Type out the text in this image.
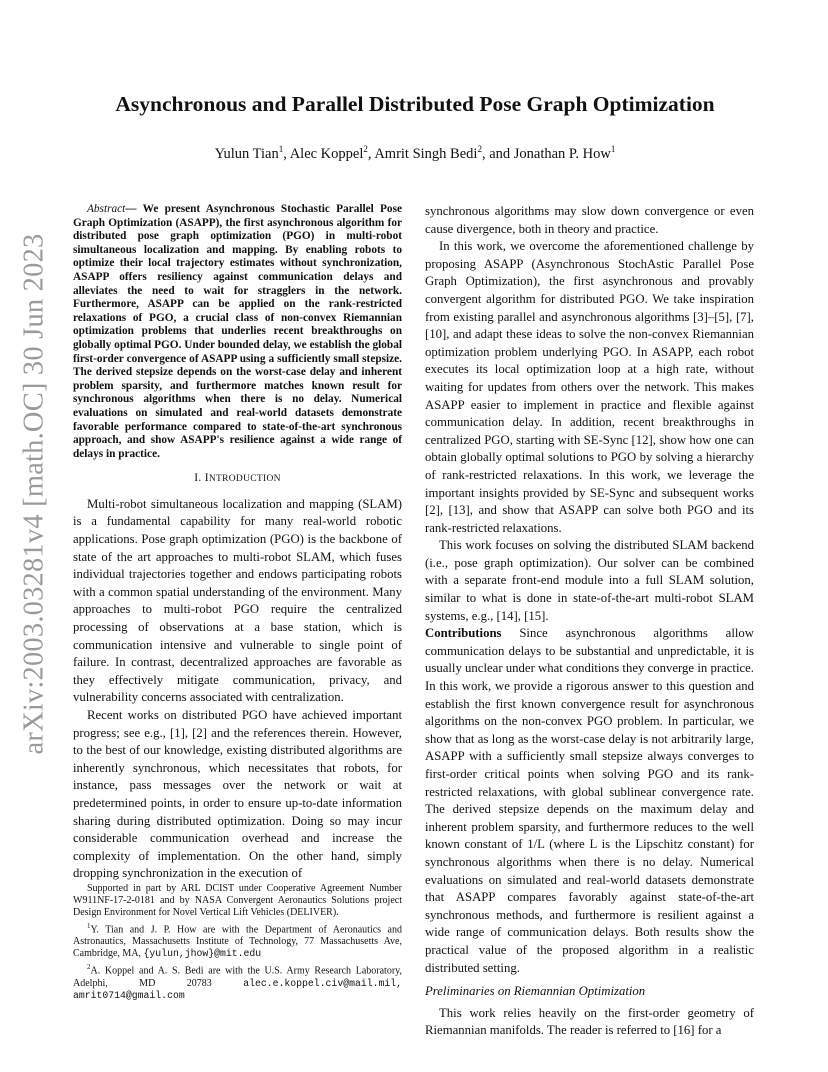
arXiv:2003.03281v4 [math.OC] 30 Jun 2023
Asynchronous and Parallel Distributed Pose Graph Optimization
Yulun Tian$^1$, Alec Koppel$^2$, Amrit Singh Bedi$^2$, and Jonathan P. How$^1$

Abstract— We present Asynchronous Stochastic Parallel Pose Graph Optimization (ASAPP), the first asynchronous algorithm for distributed pose graph optimization (PGO) in multi-robot simultaneous localization and mapping. By enabling robots to optimize their local trajectory estimates without synchronization, ASAPP offers resiliency against communication delays and alleviates the need to wait for stragglers in the network. Furthermore, ASAPP can be applied on the rank-restricted relaxations of PGO, a crucial class of non-convex Riemannian optimization problems that underlies recent breakthroughs on globally optimal PGO. Under bounded delay, we establish the global first-order convergence of ASAPP using a sufficiently small stepsize. The derived stepsize depends on the worst-case delay and inherent problem sparsity, and furthermore matches known result for synchronous algorithms when there is no delay. Numerical evaluations on simulated and real-world datasets demonstrate favorable performance compared to state-of-the-art synchronous approach, and show ASAPP's resilience against a wide range of delays in practice.

I. INTRODUCTION

Multi-robot simultaneous localization and mapping (SLAM) is a fundamental capability for many real-world robotic applications. Pose graph optimization (PGO) is the backbone of state of the art approaches to multi-robot SLAM, which fuses individual trajectories together and endows participating robots with a common spatial understanding of the environment. Many approaches to multi-robot PGO require the centralized processing of observations at a base station, which is communication intensive and vulnerable to single point of failure. In contrast, decentralized approaches are favorable as they effectively mitigate communication, privacy, and vulnerability concerns associated with centralization.

Recent works on distributed PGO have achieved important progress; see e.g., [1], [2] and the references therein. However, to the best of our knowledge, existing distributed algorithms are inherently synchronous, which necessitates that robots, for instance, pass messages over the network or wait at predetermined points, in order to ensure up-to-date information sharing during distributed optimization. Doing so may incur considerable communication overhead and increase the complexity of implementation. On the other hand, simply dropping synchronization in the execution of

Supported in part by ARL DCIST under Cooperative Agreement Number W911NF-17-2-0181 and by NASA Convergent Aeronautics Solutions project Design Environment for Novel Vertical Lift Vehicles (DELIVER).

$^1$Y. Tian and J. P. How are with the Department of Aeronautics and Astronautics, Massachusetts Institute of Technology, 77 Massachusetts Ave, Cambridge, MA, {yulun,jhow}@mit.edu

$^2$A. Koppel and A. S. Bedi are with the U.S. Army Research Laboratory, Adelphi, MD 20783	alec.e.koppel.civ@mail.mil, amrit0714@gmail.com

synchronous algorithms may slow down convergence or even cause divergence, both in theory and practice.

In this work, we overcome the aforementioned challenge by proposing ASAPP (Asynchronous StochAstic Parallel Pose Graph Optimization), the first asynchronous and provably convergent algorithm for distributed PGO. We take inspiration from existing parallel and asynchronous algorithms [3]–[5], [7], [10], and adapt these ideas to solve the non-convex Riemannian optimization problem underlying PGO. In ASAPP, each robot executes its local optimization loop at a high rate, without waiting for updates from others over the network. This makes ASAPP easier to implement in practice and flexible against communication delay. In addition, recent breakthroughs in centralized PGO, starting with SE-Sync [12], show how one can obtain globally optimal solutions to PGO by solving a hierarchy of rank-restricted relaxations. In this work, we leverage the important insights provided by SE-Sync and subsequent works [2], [13], and show that ASAPP can solve both PGO and its rank-restricted relaxations.

This work focuses on solving the distributed SLAM backend (i.e., pose graph optimization). Our solver can be combined with a separate front-end module into a full SLAM solution, similar to what is done in state-of-the-art multi-robot SLAM systems, e.g., [14], [15].

Contributions Since asynchronous algorithms allow communication delays to be substantial and unpredictable, it is usually unclear under what conditions they converge in practice. In this work, we provide a rigorous answer to this question and establish the first known convergence result for asynchronous algorithms on the non-convex PGO problem. In particular, we show that as long as the worst-case delay is not arbitrarily large, ASAPP with a sufficiently small stepsize always converges to first-order critical points when solving PGO and its rank-restricted relaxations, with global sublinear convergence rate. The derived stepsize depends on the maximum delay and inherent problem sparsity, and furthermore reduces to the well known constant of 1/L (where L is the Lipschitz constant) for synchronous algorithms when there is no delay. Numerical evaluations on simulated and real-world datasets demonstrate that ASAPP compares favorably against state-of-the-art synchronous methods, and furthermore is resilient against a wide range of communication delays. Both results show the practical value of the proposed algorithm in a realistic distributed setting.

Preliminaries on Riemannian Optimization

This work relies heavily on the first-order geometry of Riemannian manifolds. The reader is referred to [16] for a
